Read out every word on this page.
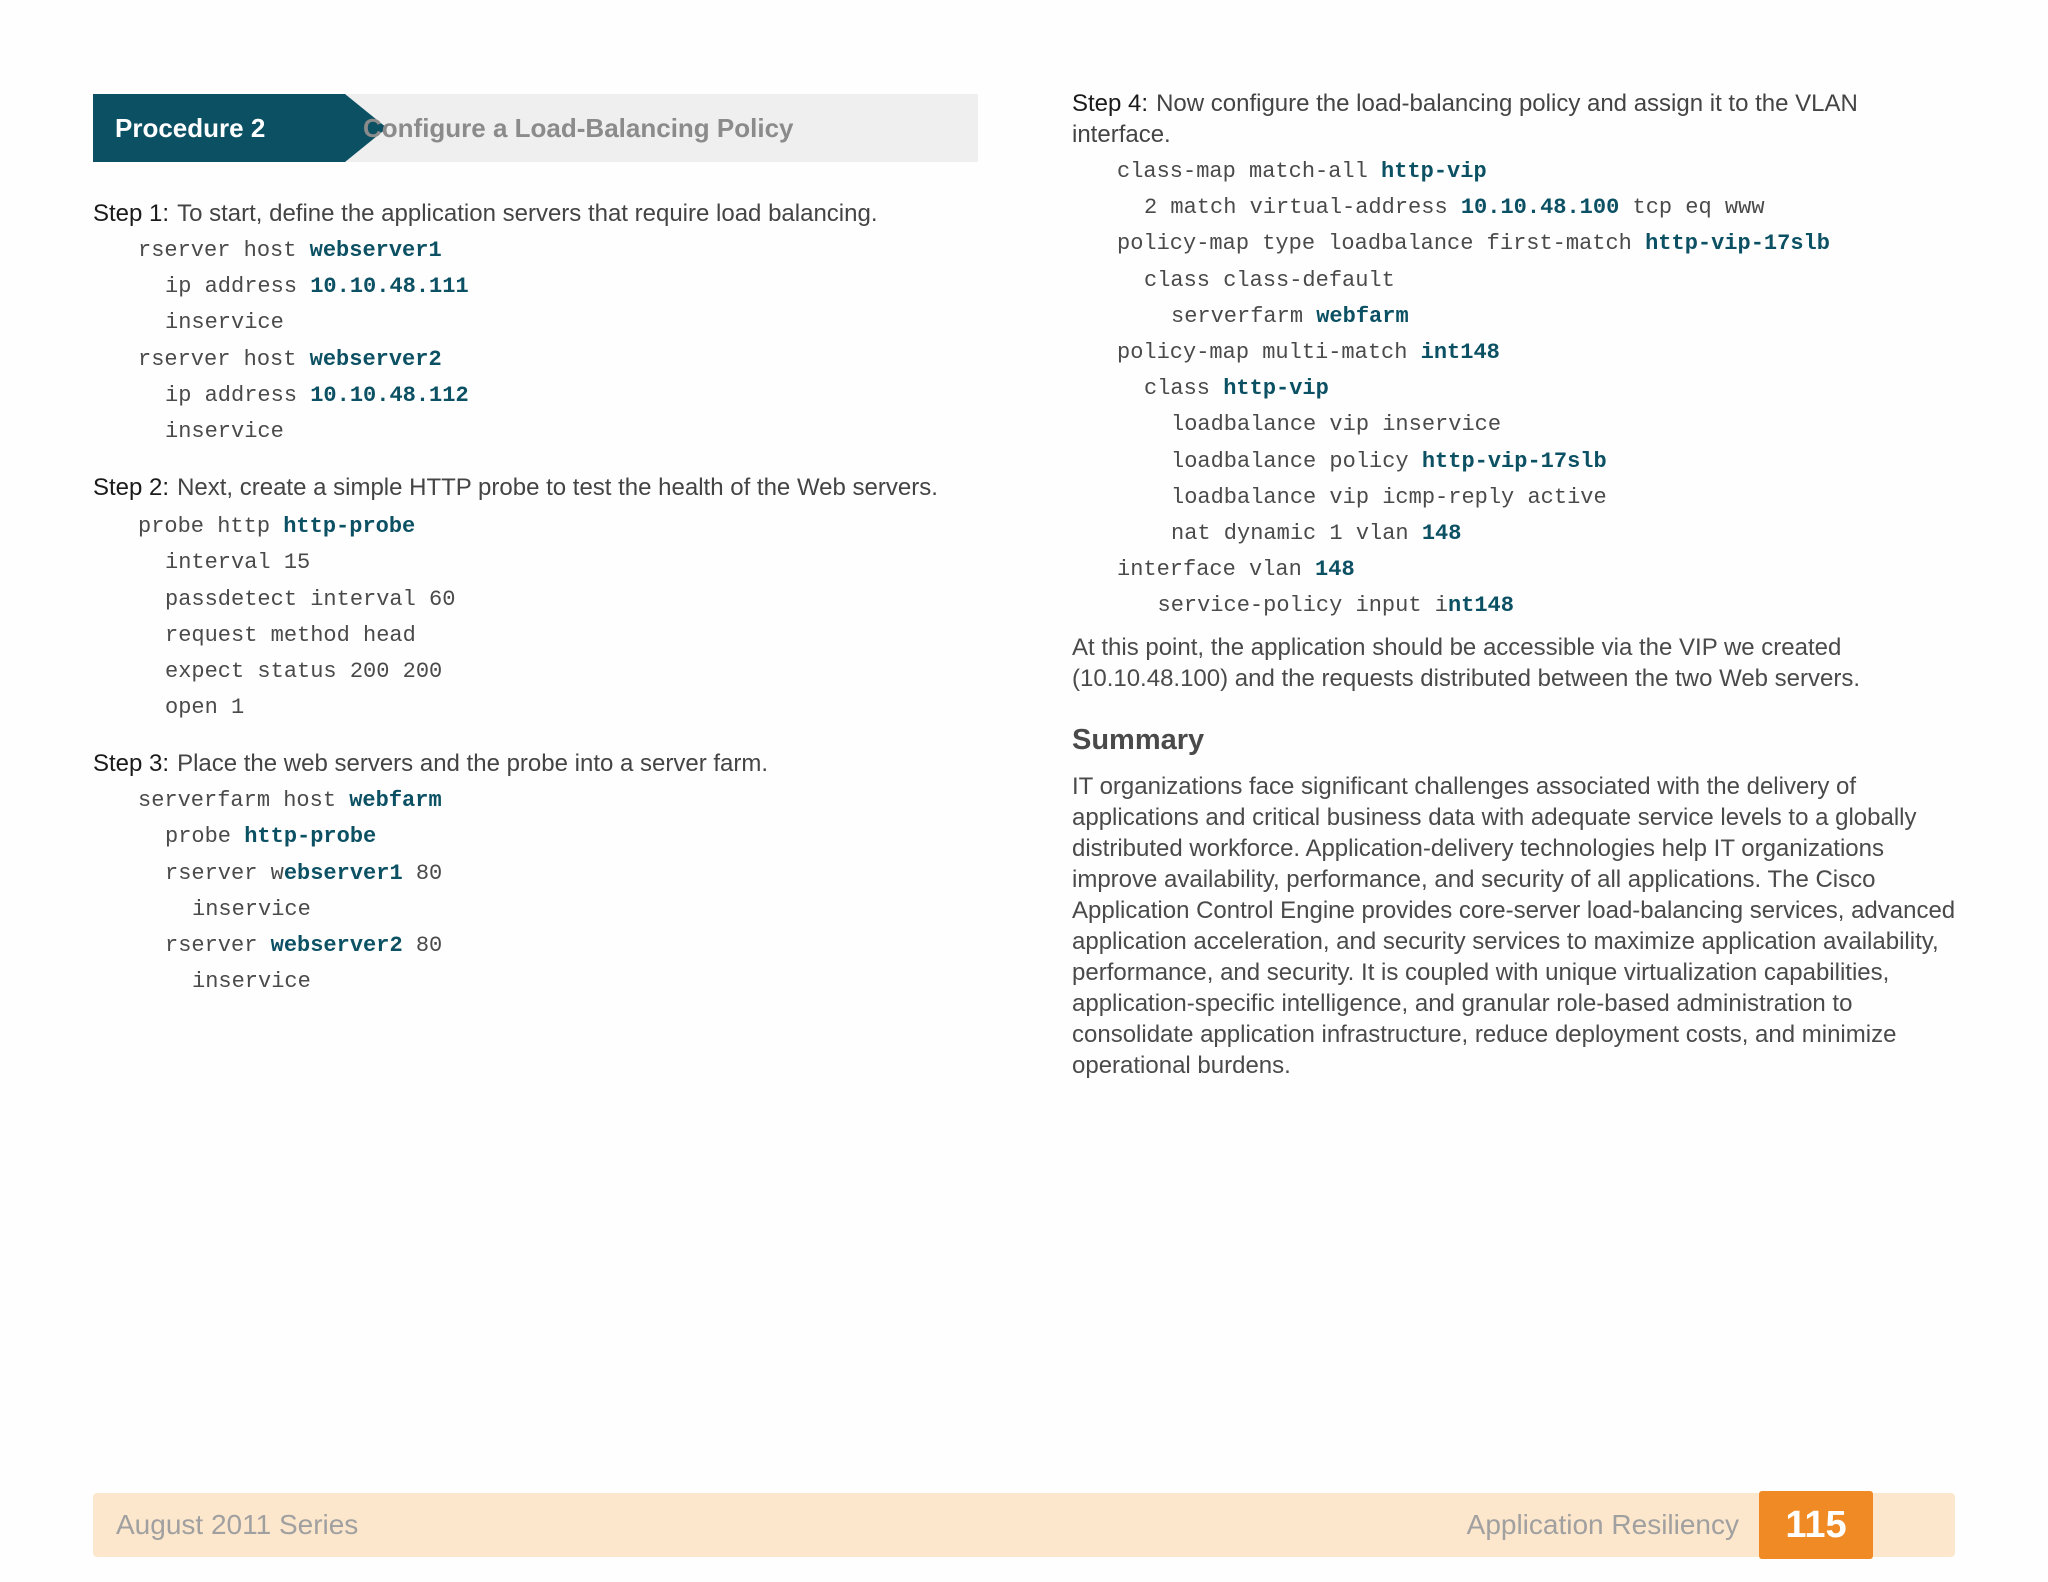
Procedure 2	Configure a Load-Balancing Policy

Step 1: To start, define the application servers that require load balancing.

rserver host webserver1
ip address 10.10.48.111
inservice
rserver host webserver2
ip address 10.10.48.112
inservice

Step 2: Next, create a simple HTTP probe to test the health of the Web servers.

probe http http-probe
interval 15
passdetect interval 60
request method head
expect status 200 200
open 1

Step 3: Place the web servers and the probe into a server farm.

serverfarm host webfarm
probe http-probe
rserver webserver1 80
inservice
rserver webserver2 80
inservice

Step 4: Now configure the load-balancing policy and assign it to the VLAN interface.

class-map match-all http-vip
2 match virtual-address 10.10.48.100 tcp eq www
policy-map type loadbalance first-match http-vip-17slb
class class-default
serverfarm webfarm
policy-map multi-match int148
class http-vip
loadbalance vip inservice
loadbalance policy http-vip-17slb
loadbalance vip icmp-reply active
nat dynamic 1 vlan 148
interface vlan 148
service-policy input int148

At this point, the application should be accessible via the VIP we created (10.10.48.100) and the requests distributed between the two Web servers.

Summary

IT organizations face significant challenges associated with the delivery of applications and critical business data with adequate service levels to a globally distributed workforce. Application-delivery technologies help IT organizations improve availability, performance, and security of all applications. The Cisco Application Control Engine provides core-server load-balancing services, advanced application acceleration, and security services to maximize application availability, performance, and security. It is coupled with unique virtualization capabilities, application-specific intelligence, and granular role-based administration to consolidate application infrastructure, reduce deployment costs, and minimize operational burdens.

August 2011 Series	Application Resiliency	115
